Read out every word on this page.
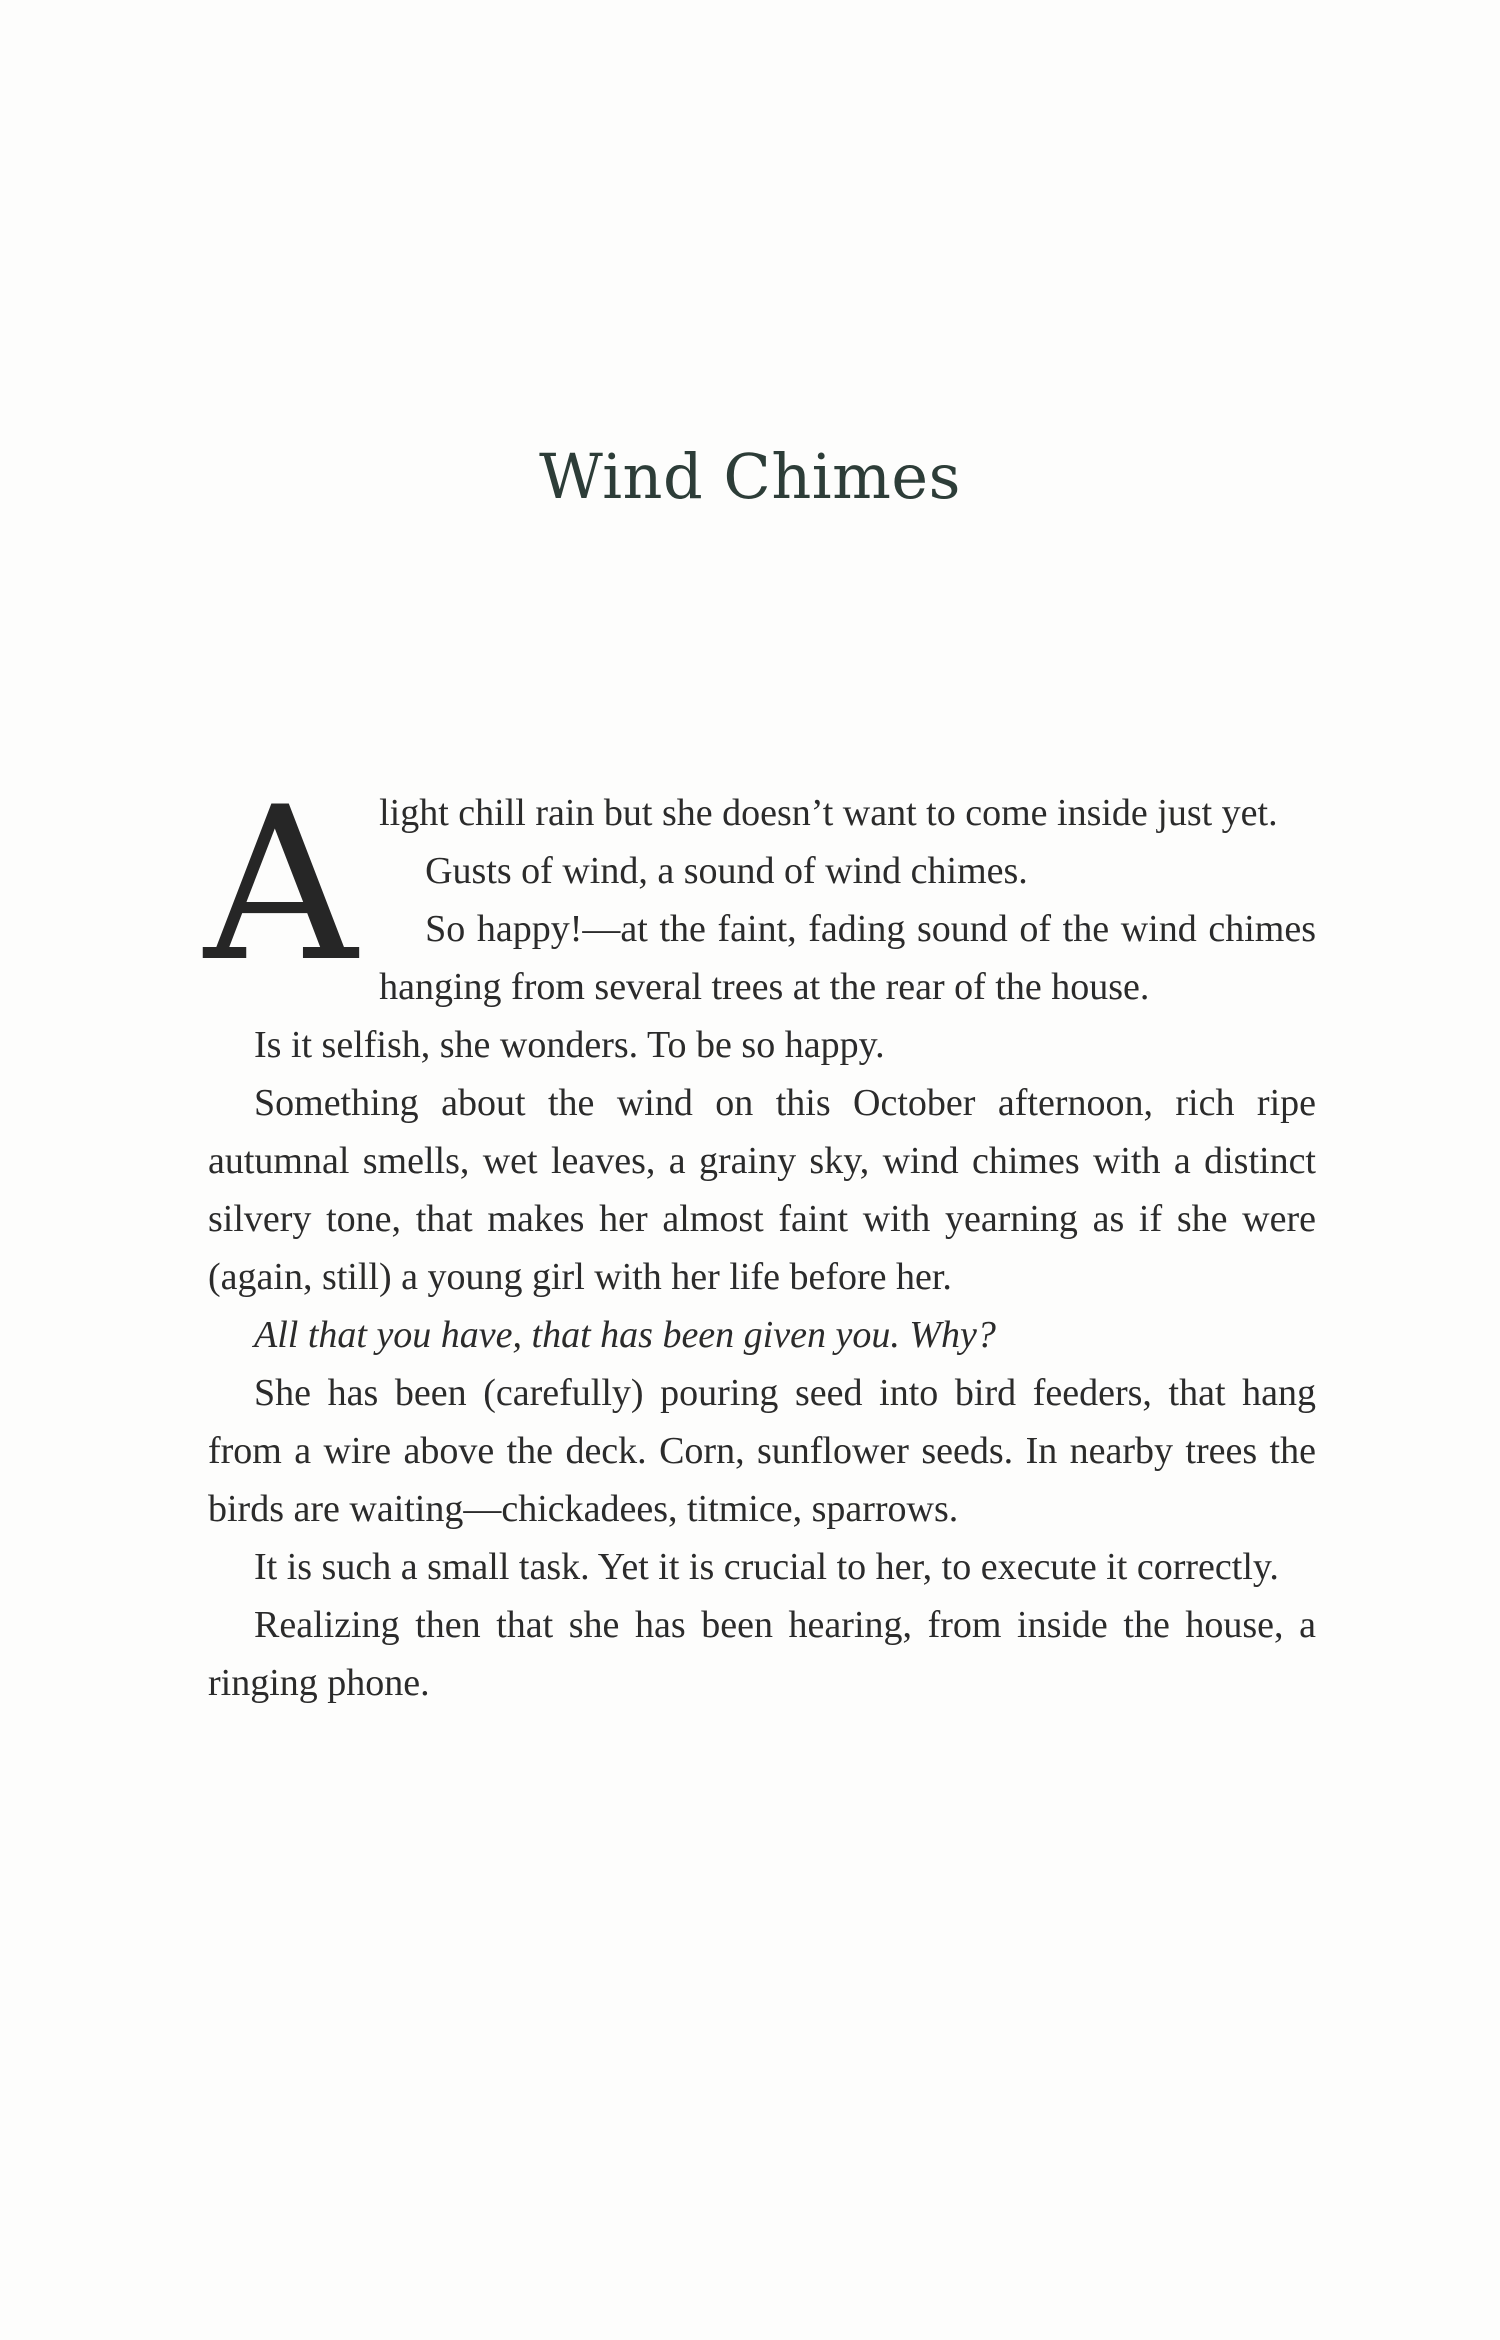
Wind Chimes
A light chill rain but she doesn’t want to come inside just yet.

Gusts of wind, a sound of wind chimes.

So happy!—at the faint, fading sound of the wind chimes hanging from several trees at the rear of the house.

Is it selfish, she wonders. To be so happy.

Something about the wind on this October afternoon, rich ripe autumnal smells, wet leaves, a grainy sky, wind chimes with a distinct silvery tone, that makes her almost faint with yearning as if she were (again, still) a young girl with her life before her.

All that you have, that has been given you. Why?

She has been (carefully) pouring seed into bird feeders, that hang from a wire above the deck. Corn, sunflower seeds. In nearby trees the birds are waiting—chickadees, titmice, sparrows.

It is such a small task. Yet it is crucial to her, to execute it correctly.

Realizing then that she has been hearing, from inside the house, a ringing phone.
